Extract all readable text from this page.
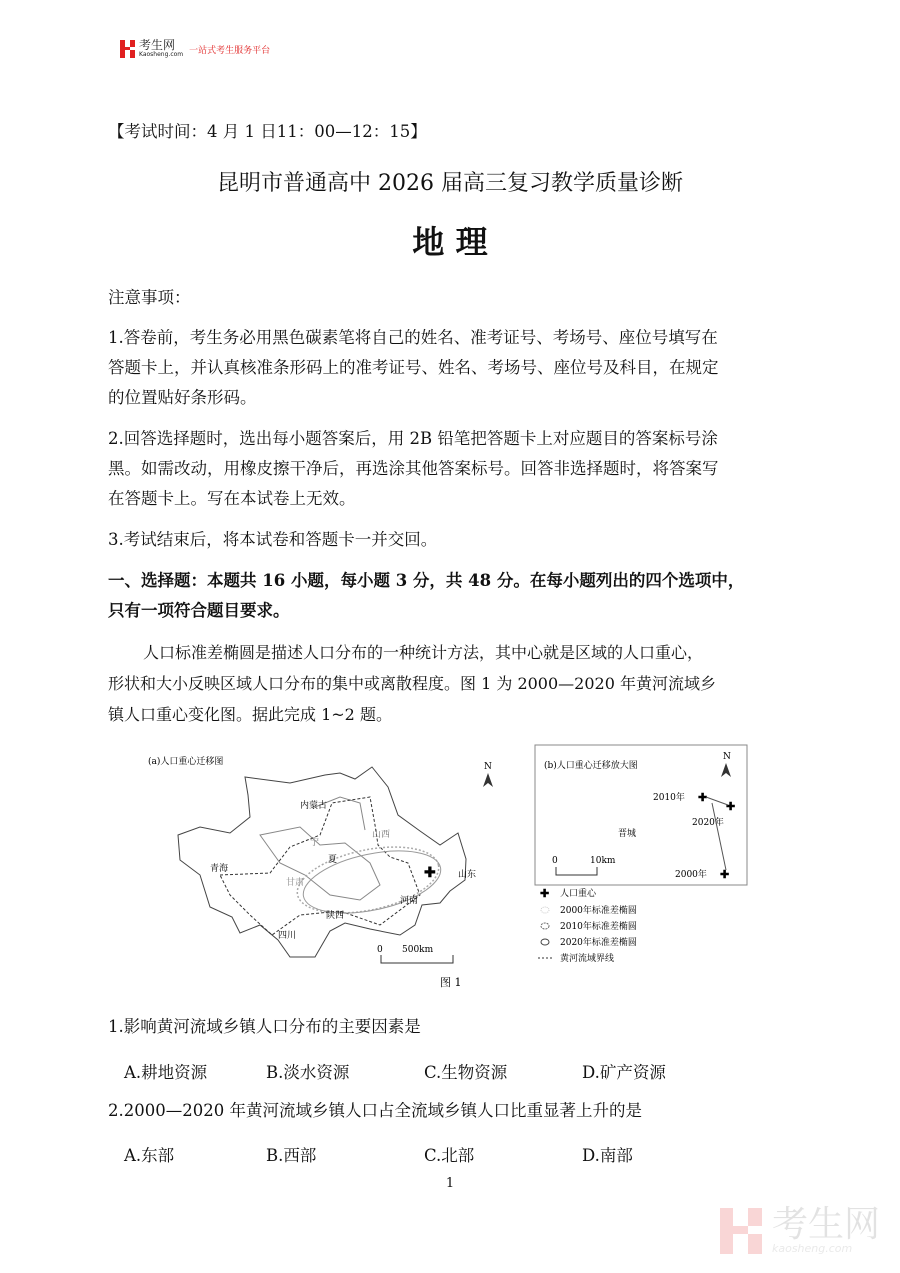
考生网
Kaosheng.com 一站式考生服务平台
【考试时间：4 月 1 日11：00—12：15】
昆明市普通高中 2026 届高三复习教学质量诊断
地 理
注意事项：
1.答卷前，考生务必用黑色碳素笔将自己的姓名、准考证号、考场号、座位号填写在
答题卡上，并认真核准条形码上的准考证号、姓名、考场号、座位号及科目，在规定
的位置贴好条形码。
2.回答选择题时，选出每小题答案后，用 2B 铅笔把答题卡上对应题目的答案标号涂
黑。如需改动，用橡皮擦干净后，再选涂其他答案标号。回答非选择题时，将答案写
在答题卡上。写在本试卷上无效。
3.考试结束后，将本试卷和答题卡一并交回。
一、选择题：本题共 16 小题，每小题 3 分，共 48 分。在每小题列出的四个选项中，
只有一项符合题目要求。
人口标准差椭圆是描述人口分布的一种统计方法，其中心就是区域的人口重心，
形状和大小反映区域人口分布的集中或离散程度。图 1 为 2000—2020 年黄河流域乡
镇人口重心变化图。据此完成 1~2 题。
(a)人口重心迁移图	N
内蒙古
山西
宁
夏
青海
甘肃
山东
河南
陕西
四川
✚
0 500km
(b)人口重心迁移放大图
N
2010年
2020年
2000年
✚
✚
✚
晋城
0	10km
✚ 人口重心
2000年标准差椭圆
2010年标准差椭圆
2020年标准差椭圆
黄河流域界线
图 1
1.影响黄河流域乡镇人口分布的主要因素是
A.耕地资源	B.淡水资源	C.生物资源	D.矿产资源
2.2000—2020 年黄河流域乡镇人口占全流域乡镇人口比重显著上升的是
A.东部	B.西部	C.北部	D.南部
1
考生网
kaosheng.com
